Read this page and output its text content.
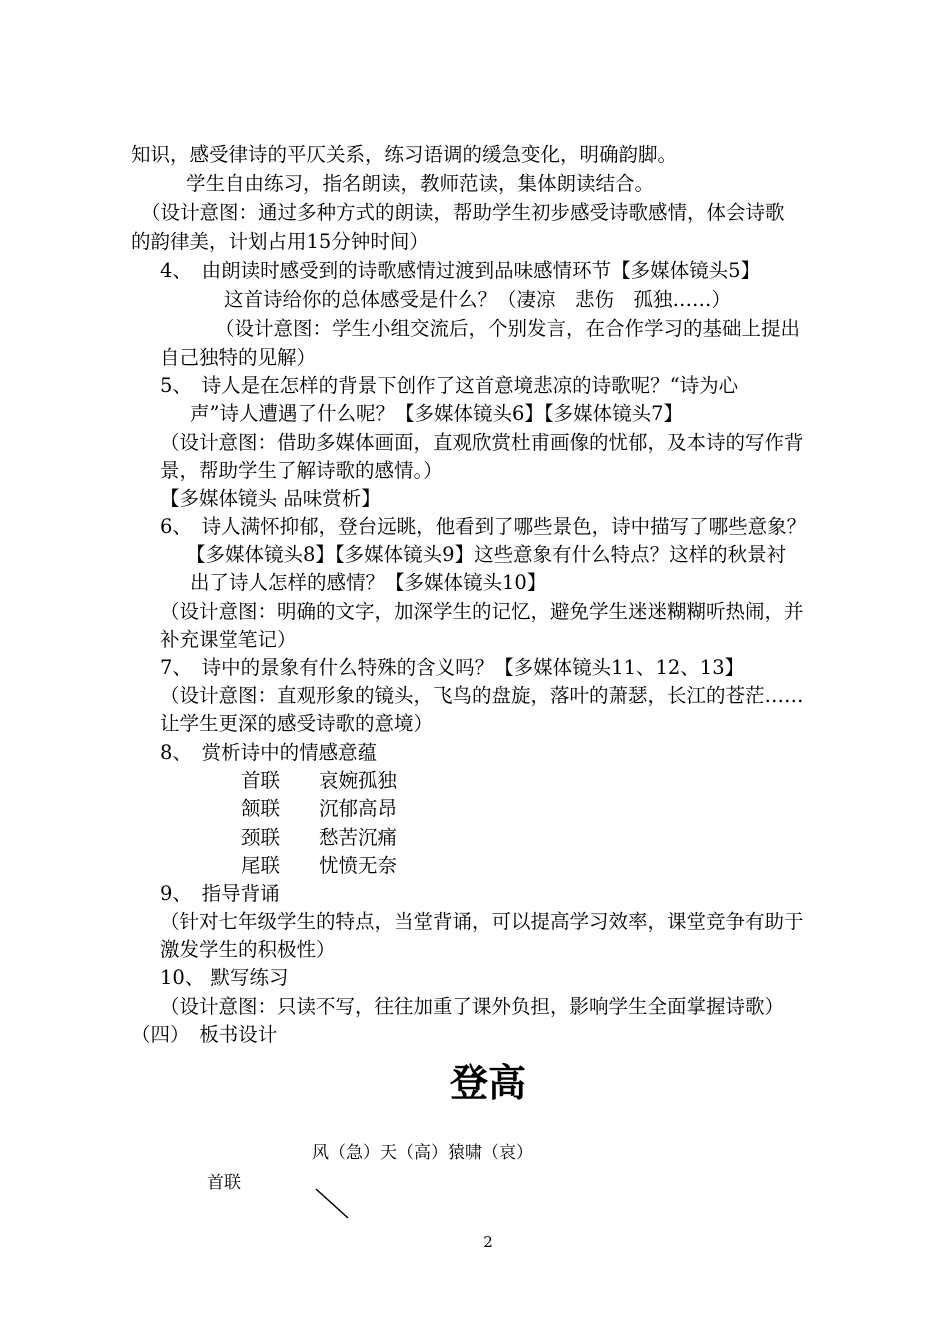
知识，感受律诗的平仄关系，练习语调的缓急变化，明确韵脚。
学生自由练习，指名朗读，教师范读，集体朗读结合。
（设计意图：通过多种方式的朗读，帮助学生初步感受诗歌感情，体会诗歌
的韵律美，计划占用15分钟时间）
4、　由朗读时感受到的诗歌感情过渡到品味感情环节【多媒体镜头5】
这首诗给你的总体感受是什么？（凄凉　悲伤　孤独……）
（设计意图：学生小组交流后，个别发言，在合作学习的基础上提出
自己独特的见解）
5、　诗人是在怎样的背景下创作了这首意境悲凉的诗歌呢？“诗为心
声”诗人遭遇了什么呢？【多媒体镜头6】【多媒体镜头7】
（设计意图：借助多媒体画面，直观欣赏杜甫画像的忧郁，及本诗的写作背
景，帮助学生了解诗歌的感情。）
【多媒体镜头 品味赏析】
6、　诗人满怀抑郁，登台远眺，他看到了哪些景色，诗中描写了哪些意象？
【多媒体镜头8】【多媒体镜头9】这些意象有什么特点？这样的秋景衬
出了诗人怎样的感情？【多媒体镜头10】
（设计意图：明确的文字，加深学生的记忆，避免学生迷迷糊糊听热闹，并
补充课堂笔记）
7、　诗中的景象有什么特殊的含义吗？【多媒体镜头11、12、13】
（设计意图：直观形象的镜头，飞鸟的盘旋，落叶的萧瑟，长江的苍茫……
让学生更深的感受诗歌的意境）
8、　赏析诗中的情感意蕴
首联　　哀婉孤独
颔联　　沉郁高昂
颈联　　愁苦沉痛
尾联　　忧愤无奈
9、　指导背诵
（针对七年级学生的特点，当堂背诵，可以提高学习效率，课堂竞争有助于
激发学生的积极性）
10、 默写练习
（设计意图：只读不写，往往加重了课外负担，影响学生全面掌握诗歌）
（四）　板书设计
登高
风（急）天（高）猿啸（哀）
首联
2
